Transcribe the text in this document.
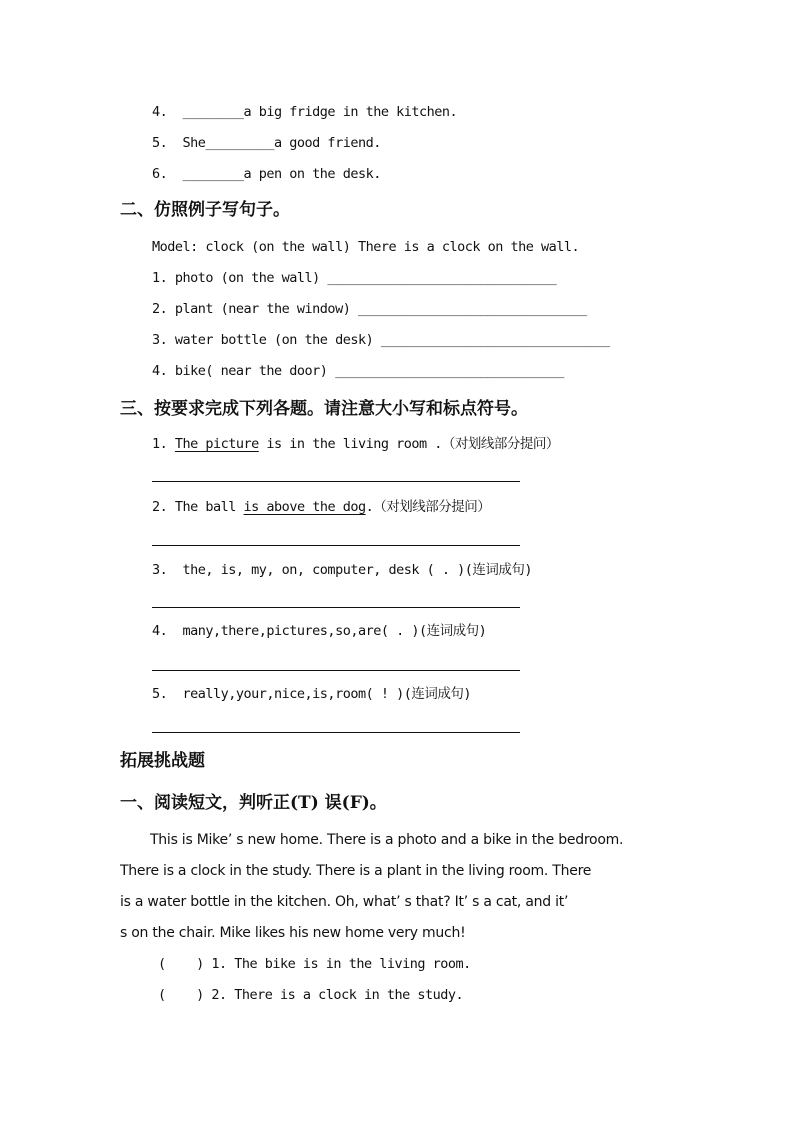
4.  ________a big fridge in the kitchen.
5.  She_________a good friend.
6.  ________a pen on the desk.
二、仿照例子写句子。
Model: clock (on the wall) There is a clock on the wall.
1. photo (on the wall) ______________________________
2. plant (near the window) ______________________________
3. water bottle (on the desk) ______________________________
4. bike( near the door) ______________________________
三、按要求完成下列各题。请注意大小写和标点符号。
1. The picture is in the living room .（对划线部分提问）
2. The ball is above the dog.（对划线部分提问）
3.  the, is, my, on, computer, desk ( . )(连词成句)
4.  many,there,pictures,so,are( . )(连词成句)
5.  really,your,nice,is,room( ! )(连词成句)
拓展挑战题
一、阅读短文，判听正(T) 误(F)。
This is Mike’ s new home. There is a photo and a bike in the bedroom.
There is a clock in the study. There is a plant in the living room. There
is a water bottle in the kitchen. Oh, what’ s that? It’ s a cat, and it’
s on the chair. Mike likes his new home very much!
(    ) 1. The bike is in the living room.
(    ) 2. There is a clock in the study.
